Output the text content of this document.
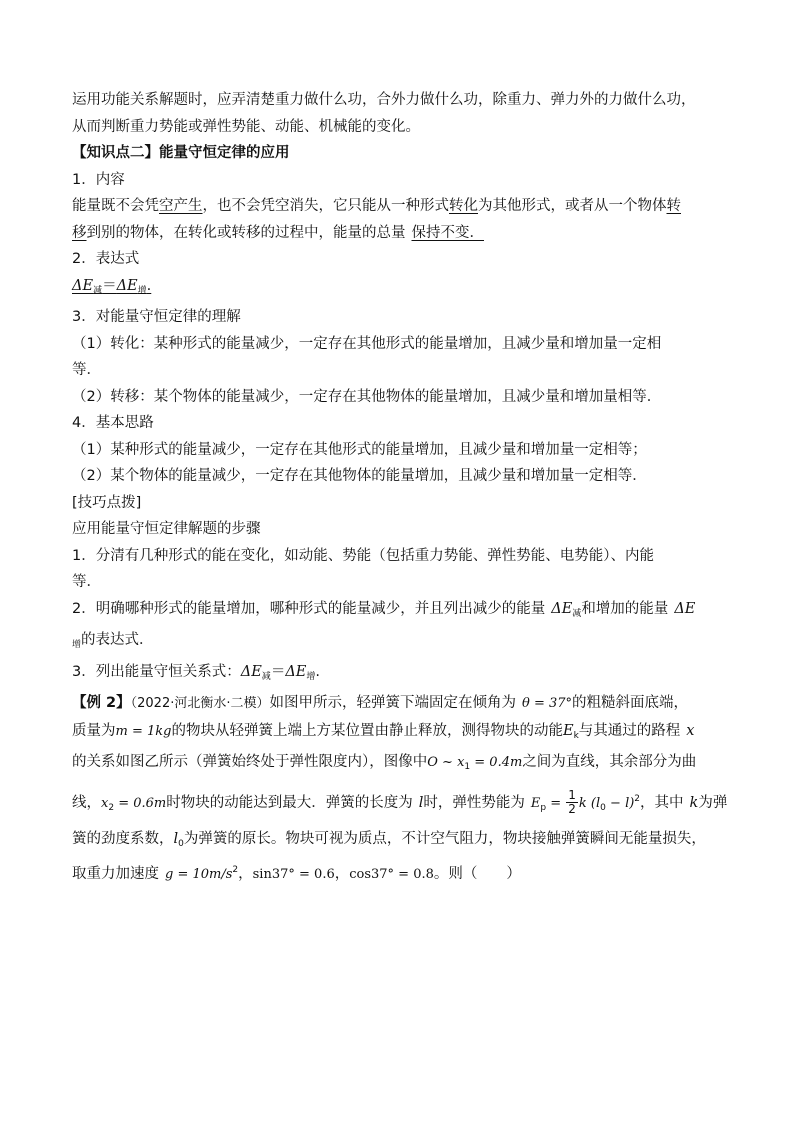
运用功能关系解题时，应弄清楚重力做什么功，合外力做什么功，除重力、弹力外的力做什么功，
从而判断重力势能或弹性势能、动能、机械能的变化。
【知识点二】能量守恒定律的应用
1．内容
能量既不会凭空产生，也不会凭空消失，它只能从一种形式转化为其他形式，或者从一个物体转
移到别的物体，在转化或转移的过程中，能量的总量 保持不变．
2．表达式
$\Delta E_减=\Delta E_增$.
3．对能量守恒定律的理解
（1）转化：某种形式的能量减少，一定存在其他形式的能量增加，且减少量和增加量一定相
等．
（2）转移：某个物体的能量减少，一定存在其他物体的能量增加，且减少量和增加量相等．
4．基本思路
（1）某种形式的能量减少，一定存在其他形式的能量增加，且减少量和增加量一定相等；
（2）某个物体的能量减少，一定存在其他物体的能量增加，且减少量和增加量一定相等．
[技巧点拨]
应用能量守恒定律解题的步骤
1．分清有几种形式的能在变化，如动能、势能（包括重力势能、弹性势能、电势能）、内能
等．
2．明确哪种形式的能量增加，哪种形式的能量减少，并且列出减少的能量 $\Delta E_减$和增加的能量 ΔE
$_增$的表达式．
3．列出能量守恒关系式：$\Delta E_减=\Delta E_增$.
【例 2】（2022·河北衡水·二模）如图甲所示，轻弹簧下端固定在倾角为 θ = 37°的粗糙斜面底端，
质量为m = 1kg的物块从轻弹簧上端上方某位置由静止释放，测得物块的动能$E_k$与其通过的路程 x
的关系如图乙所示（弹簧始终处于弹性限度内），图像中O ~ $x_1 = 0.4m$之间为直线，其余部分为曲
线，$x_2 = 0.6m$时物块的动能达到最大．弹簧的长度为 l时，弹性势能为 $E_p = \frac{1}{2}$ k $(l_0 - l)^2$，其中 k为弹
簧的劲度系数，$l_0$为弹簧的原长。物块可视为质点，不计空气阻力，物块接触弹簧瞬间无能量损失，
取重力加速度 $g = 10m/s^2$，sin37° = 0.6，cos37° = 0.8。则（　　）
